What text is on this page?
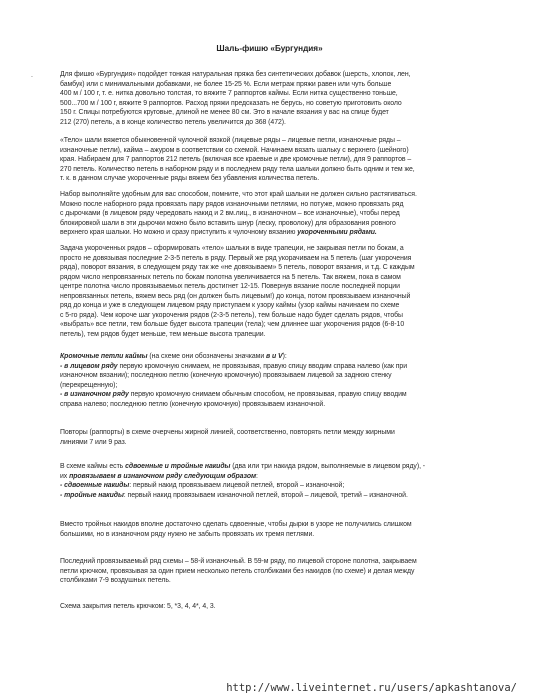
Шаль-фишю «Бургундия»
.	Для фишю «Бургундия» подойдет тонкая натуральная пряжа без синтетических добавок (шерсть, хлопок, лен,

бамбук) или с минимальными добавками, не более 15-25 %. Если метраж пряжи равен или чуть больше

400 м / 100 г, т. е. нитка довольно толстая, то вяжите 7 раппортов каймы. Если нитка существенно тоньше,

500...700 м / 100 г, вяжите 9 раппортов. Расход пряжи предсказать не берусь, но советую приготовить около

150 г. Спицы потребуются круговые, длиной не менее 80 см. Это в начале вязания у вас на спице будет

212 (270) петель, а в конце количество петель увеличится до 368 (472).

«Тело» шали вяжется обыкновенной чулочной вязкой (лицевые ряды – лицевые петли, изнаночные ряды –

изнаночные петли), кайма – ажуром в соответствии со схемой. Начинаем вязать шальку с верхнего (шейного)

края. Набираем для 7 раппортов 212 петель (включая все краевые и две кромочные петли), для 9 раппортов –

270 петель. Количество петель в наборном ряду и в последнем ряду тела шальки должно быть одним и тем же,

т. к. в данном случае укороченные ряды вяжем без убавления количества петель.

Набор выполняйте удобным для вас способом, помните, что этот край шальки не должен сильно растягиваться.

Можно после наборного ряда провязать пару рядов изнаночными петлями, но потуже, можно провязать ряд

с дырочками (в лицевом ряду чередовать накид и 2 вм.лиц., в изнаночном – все изнаночные), чтобы перед

блокировкой шали в эти дырочки можно было вставить шнур (леску, проволоку) для образования ровного

верхнего края шальки. Но можно и сразу приступить к чулочному вязанию укороченными рядами.

Задача укороченных рядов – сформировать «тело» шальки в виде трапеции, не закрывая петли по бокам, а

просто не довязывая последние 2-3-5 петель в ряду. Первый же ряд укорачиваем на 5 петель (шаг укорочения

ряда), поворот вязания, в следующем ряду так же «не довязываем» 5 петель, поворот вязания, и т.д. С каждым

рядом число непровязанных петель по бокам полотна увеличивается на 5 петель. Так вяжем, пока в самом

центре полотна число провязываемых петель достигнет 12-15. Повернув вязание после последней порции

непровязанных петель, вяжем весь ряд (он должен быть лицевым!) до конца, потом провязываем изнаночный

ряд до конца и уже в следующем лицевом ряду приступаем к узору каймы (узор каймы начинаем по схеме

с 5-го ряда). Чем короче шаг укорочения рядов (2-3-5 петель), тем больше надо будет сделать рядов, чтобы

«выбрать» все петли, тем больше будет высота трапеции (тела); чем длиннее шаг укорочения рядов (6-8-10

петель), тем рядов будет меньше, тем меньше высота трапеции.

Кромочные петли каймы (на схеме они обозначены значками в и V):

- в лицевом ряду первую кромочную снимаем, не провязывая, правую спицу вводим справа налево (как при

изнаночном вязании); последнюю петлю (конечную кромочную) провязываем лицевой за заднюю стенку

(перекрещенную);

- в изнаночном ряду первую кромочную снимаем обычным способом, не провязывая, правую спицу вводим

справа налево; последнюю петлю (конечную кромочную) провязываем изнаночной.

Повторы (раппорты) в схеме очерчены жирной линией, соответственно, повторять петли между жирными

линиями 7 или 9 раз.

В схеме каймы есть сдвоенные и тройные накиды (два или три накида рядом, выполняемые в лицевом ряду), -

их провязываем в изнаночном ряду следующим образом:

- сдвоенные накиды: первый накид провязываем лицевой петлей, второй – изнаночной;

- тройные накиды: первый накид провязываем изнаночной петлей, второй – лицевой, третий – изнаночной.

Вместо тройных накидов вполне достаточно сделать сдвоенные, чтобы дырки в узоре не получились слишком

большими, но в изнаночном ряду нужно не забыть провязать их тремя петлями.

Последний провязываемый ряд схемы – 58-й изнаночный. В 59-м ряду, по лицевой стороне полотна, закрываем

петли крючком, провязывая за один прием несколько петель столбиками без накидов (по схеме) и делая между

столбиками 7-9 воздушных петель.

Схема закрытия петель крючком: 5, *3, 4, 4*, 4, 3.

http://www.liveinternet.ru/users/apkashtanova/
